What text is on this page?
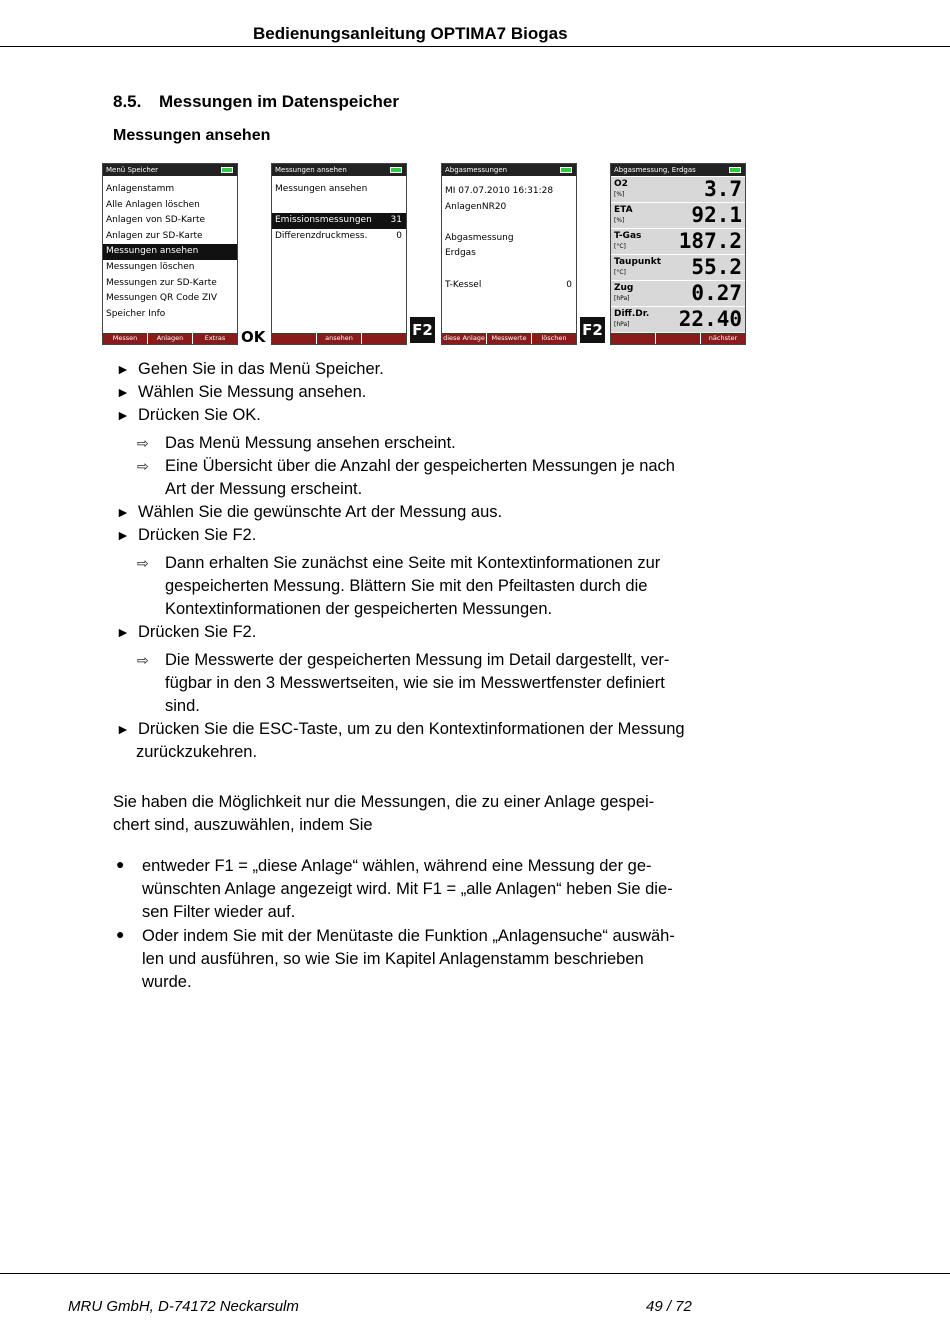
Bedienungsanleitung OPTIMA7 Biogas
8.5. Messungen im Datenspeicher
Messungen ansehen
Menü Speicher
Anlagenstamm
Alle Anlagen löschen
Anlagen von SD-Karte
Anlagen zur SD-Karte
Messungen ansehen
Messungen löschen
Messungen zur SD-Karte
Messungen QR Code ZIV
Speicher Info
Messen	Anlagen	Extras	OK
Messungen ansehen
Messungen ansehen
Emissionsmessungen 31
Differenzdruckmess.	0
ansehen	F2
Abgasmessungen
MI 07.07.2010 16:31:28
AnlagenNR20
Abgasmessung
Erdgas
T-Kessel	0
diese Anlage	Messwerte	löschen	F2
Abgasmessung, Erdgas
O2
[%]	3.7
ETA
[%]	92.1
T-Gas
[°C]	187.2
Taupunkt
[°C]	55.2
Zug
[hPa]	0.27
Diff.Dr.
[hPa] 22.40
nächster
► Gehen Sie in das Menü Speicher.
► Wählen Sie Messung ansehen.
► Drücken Sie OK.
⇨ Das Menü Messung ansehen erscheint.
⇨ Eine Übersicht über die Anzahl der gespeicherten Messungen je nach
Art der Messung erscheint.
► Wählen Sie die gewünschte Art der Messung aus.
► Drücken Sie F2.
⇨ Dann erhalten Sie zunächst eine Seite mit Kontextinformationen zur
gespeicherten Messung. Blättern Sie mit den Pfeiltasten durch die
Kontextinformationen der gespeicherten Messungen.
► Drücken Sie F2.
⇨ Die Messwerte der gespeicherten Messung im Detail dargestellt, ver-
fügbar in den 3 Messwertseiten, wie sie im Messwertfenster definiert
sind.
► Drücken Sie die ESC-Taste, um zu den Kontextinformationen der Messung
zurückzukehren.
Sie haben die Möglichkeit nur die Messungen, die zu einer Anlage gespei-
chert sind, auszuwählen, indem Sie
● entweder F1 = „diese Anlage“ wählen, während eine Messung der ge-
wünschten Anlage angezeigt wird. Mit F1 = „alle Anlagen“ heben Sie die-
sen Filter wieder auf.
● Oder indem Sie mit der Menütaste die Funktion „Anlagensuche“ auswäh-
len und ausführen, so wie Sie im Kapitel Anlagenstamm beschrieben
wurde.
MRU GmbH, D-74172 Neckarsulm	49 / 72
